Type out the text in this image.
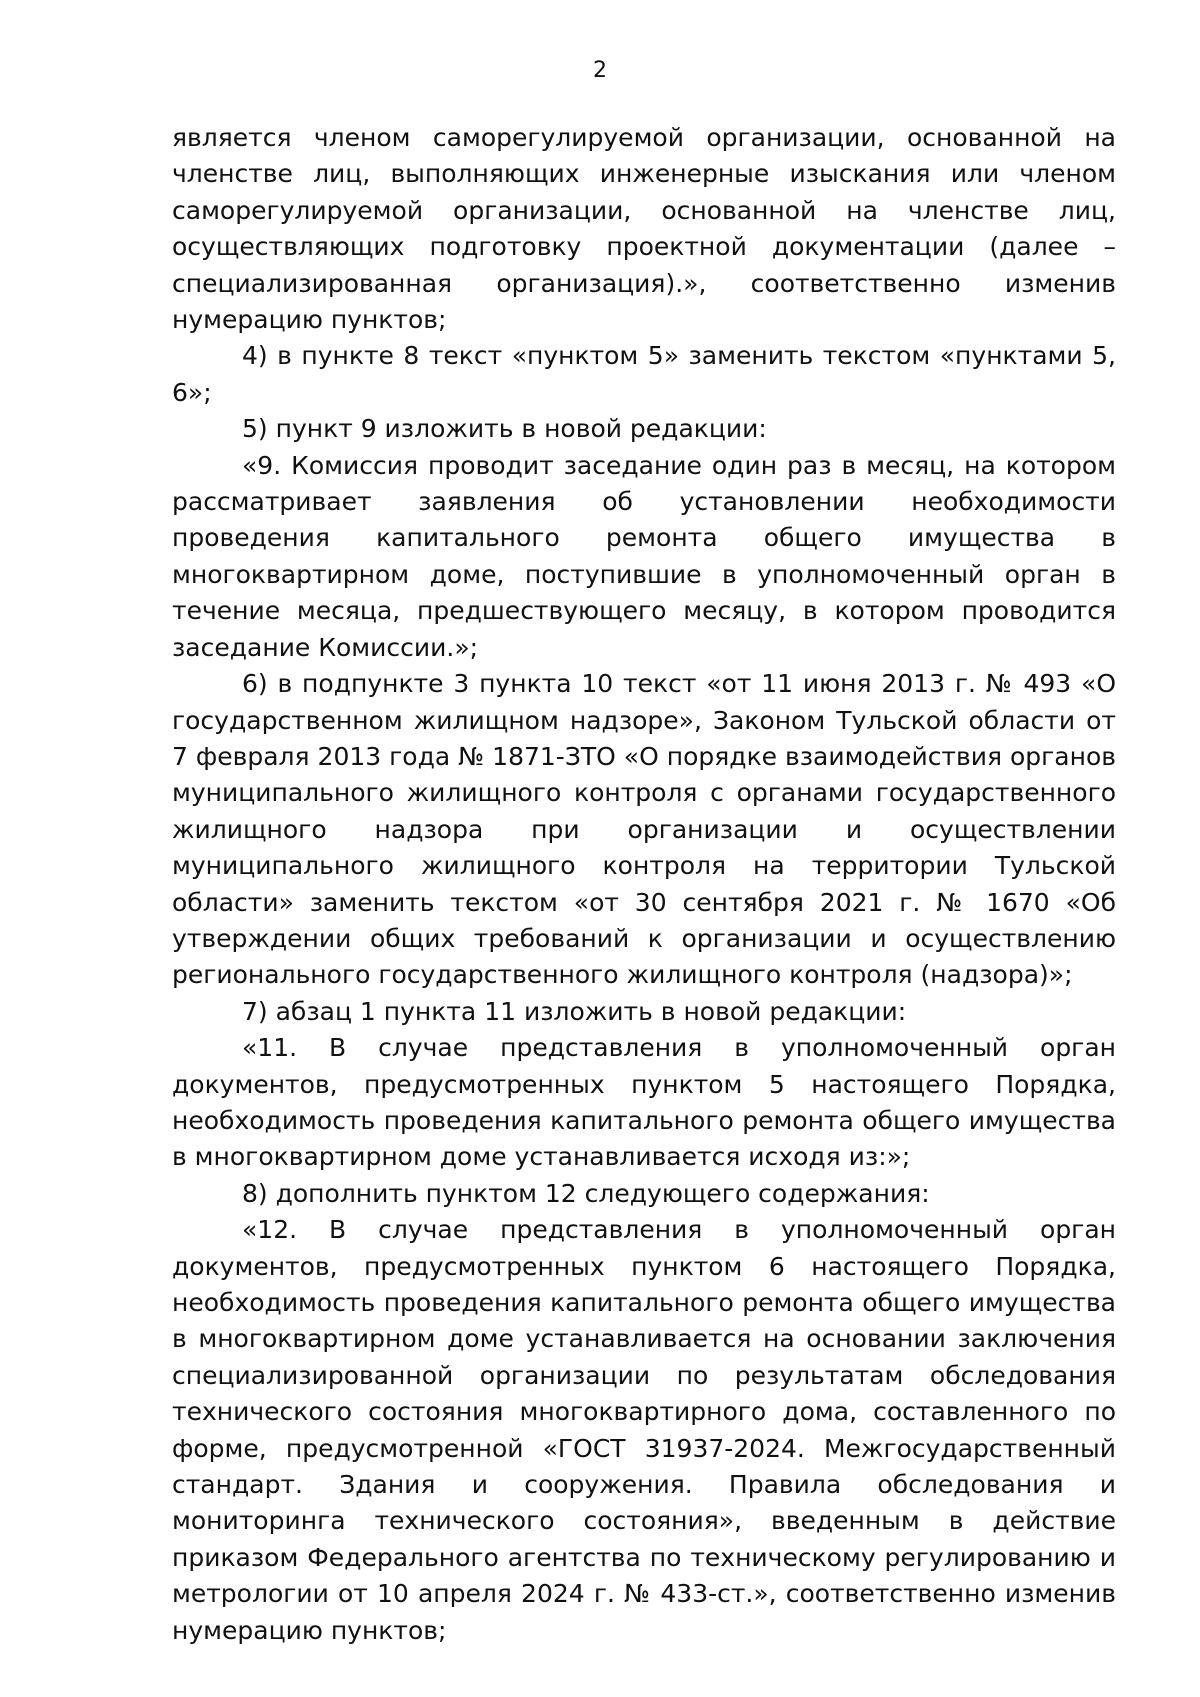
2

является членом саморегулируемой организации, основанной на членстве лиц, выполняющих инженерные изыскания или членом саморегулируемой организации, основанной на членстве лиц, осуществляющих подготовку проектной документации (далее – специализированная организация).», соответственно изменив нумерацию пунктов;

4) в пункте 8 текст «пунктом 5» заменить текстом «пунктами 5, 6»;

5) пункт 9 изложить в новой редакции:

«9. Комиссия проводит заседание один раз в месяц, на котором рассматривает заявления об установлении необходимости проведения капитального ремонта общего имущества в многоквартирном доме, поступившие в уполномоченный орган в течение месяца, предшествующего месяцу, в котором проводится заседание Комиссии.»;

6) в подпункте 3 пункта 10 текст «от 11 июня 2013 г. № 493 «О государственном жилищном надзоре», Законом Тульской области от 7 февраля 2013 года № 1871-ЗТО «О порядке взаимодействия органов муниципального жилищного контроля с органами государственного жилищного надзора при организации и осуществлении муниципального жилищного контроля на территории Тульской области» заменить текстом «от 30 сентября 2021 г. № 1670 «Об утверждении общих требований к организации и осуществлению регионального государственного жилищного контроля (надзора)»;

7) абзац 1 пункта 11 изложить в новой редакции:

«11. В случае представления в уполномоченный орган документов, предусмотренных пунктом 5 настоящего Порядка, необходимость проведения капитального ремонта общего имущества в многоквартирном доме устанавливается исходя из:»;

8) дополнить пунктом 12 следующего содержания:

«12. В случае представления в уполномоченный орган документов, предусмотренных пунктом 6 настоящего Порядка, необходимость проведения капитального ремонта общего имущества в многоквартирном доме устанавливается на основании заключения специализированной организации по результатам обследования технического состояния многоквартирного дома, составленного по форме, предусмотренной «ГОСТ 31937-2024. Межгосударственный стандарт. Здания и сооружения. Правила обследования и мониторинга технического состояния», введенным в действие приказом Федерального агентства по техническому регулированию и метрологии от 10 апреля 2024 г. № 433-ст.», соответственно изменив нумерацию пунктов;
